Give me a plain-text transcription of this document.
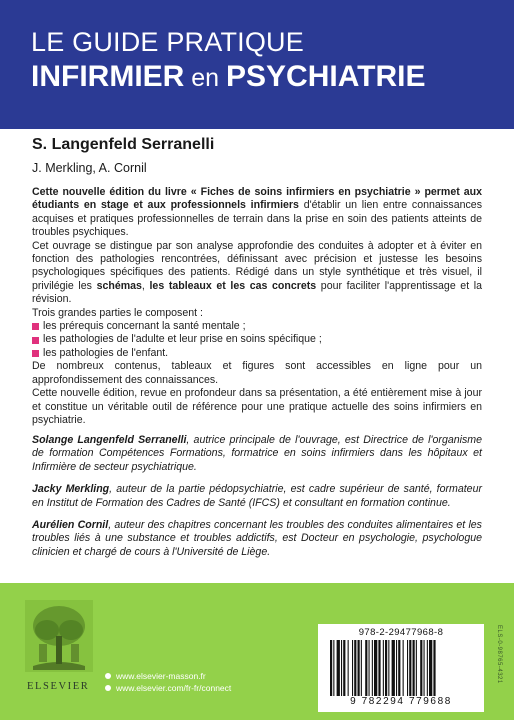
LE GUIDE PRATIQUE
INFIRMIER en PSYCHIATRIE
S. Langenfeld Serranelli
J. Merkling, A. Cornil

Cette nouvelle édition du livre « Fiches de soins infirmiers en psychiatrie » permet aux étudiants en stage et aux professionnels infirmiers d'établir un lien entre connaissances acquises et pratiques professionnelles de terrain dans la prise en soin des patients atteints de troubles psychiques.

Cet ouvrage se distingue par son analyse approfondie des conduites à adopter et à éviter en fonction des pathologies rencontrées, définissant avec précision et justesse les besoins psychologiques spécifiques des patients. Rédigé dans un style synthétique et très visuel, il privilégie les schémas, les tableaux et les cas concrets pour faciliter l'apprentissage et la révision.

Trois grandes parties le composent :

les prérequis concernant la santé mentale ;
les pathologies de l'adulte et leur prise en soins spécifique ;
les pathologies de l'enfant.

De nombreux contenus, tableaux et figures sont accessibles en ligne pour un approfondissement des connaissances.

Cette nouvelle édition, revue en profondeur dans sa présentation, a été entièrement mise à jour et constitue un véritable outil de référence pour une pratique actuelle des soins infirmiers en psychiatrie.

Solange Langenfeld Serranelli, autrice principale de l'ouvrage, est Directrice de l'organisme de formation Compétences Formations, formatrice en soins infirmiers dans les hôpitaux et Infirmière de secteur psychiatrique.

Jacky Merkling, auteur de la partie pédopsychiatrie, est cadre supérieur de santé, formateur en Institut de Formation des Cadres de Santé (IFCS) et consultant en formation continue.

Aurélien Cornil, auteur des chapitres concernant les troubles des conduites alimentaires et les troubles liés à une substance et troubles addictifs, est Docteur en psychologie, psychologue clinicien et chargé de cours à l'Université de Liège.

ELSEVIER
www.elsevier-masson.fr
www.elsevier.com/fr-fr/connect
978-2-29477968-8
9 782294 779688
ELS-0-98765-4321
